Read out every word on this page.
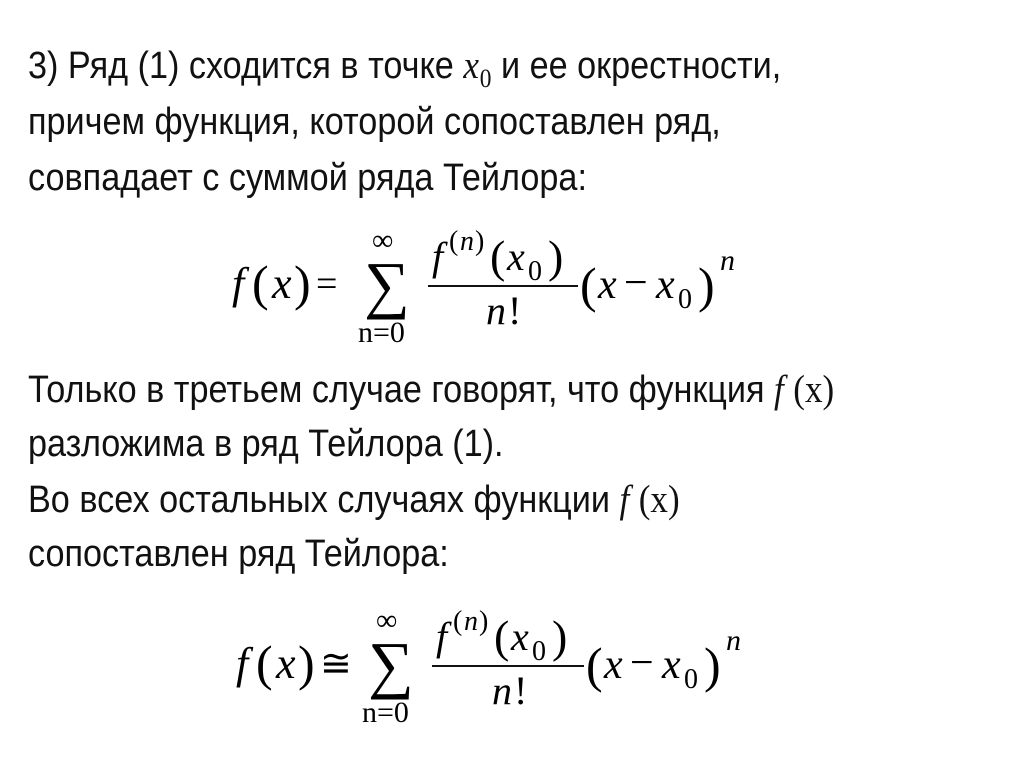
3) Ряд (1) сходится в точке $x_0$ и ее окрестности,
причем функция, которой сопоставлен ряд,
совпадает с суммой ряда Тейлора:
f ( x ) =
∞
∑
n=0
f ( n ) ( x 0 )
n ! ( x − x 0 ) n
Только в третьем случае говорят, что функция f (x)
разложима в ряд Тейлора (1).
Во всех остальных случаях функции f (x)
сопоставлен ряд Тейлора:
f ( x ) ≅
∞
∑
n=0
f ( n ) ( x 0 )
n ! ( x − x 0 ) n
